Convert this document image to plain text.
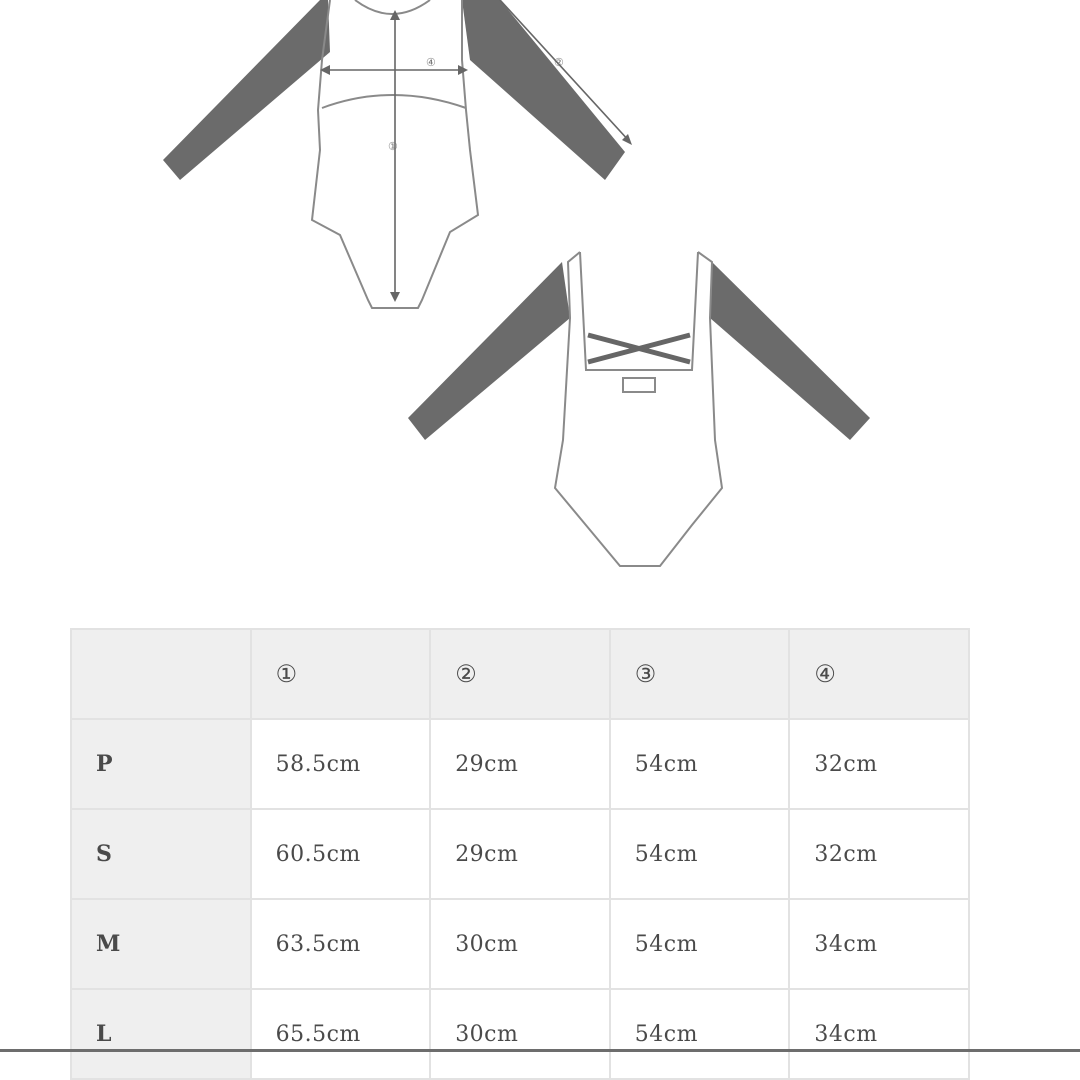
①
④	②
	①	②	③	④
P	58.5cm	29cm	54cm	32cm
S	60.5cm	29cm	54cm	32cm
M	63.5cm	30cm	54cm	34cm
L	65.5cm	30cm	54cm	34cm
